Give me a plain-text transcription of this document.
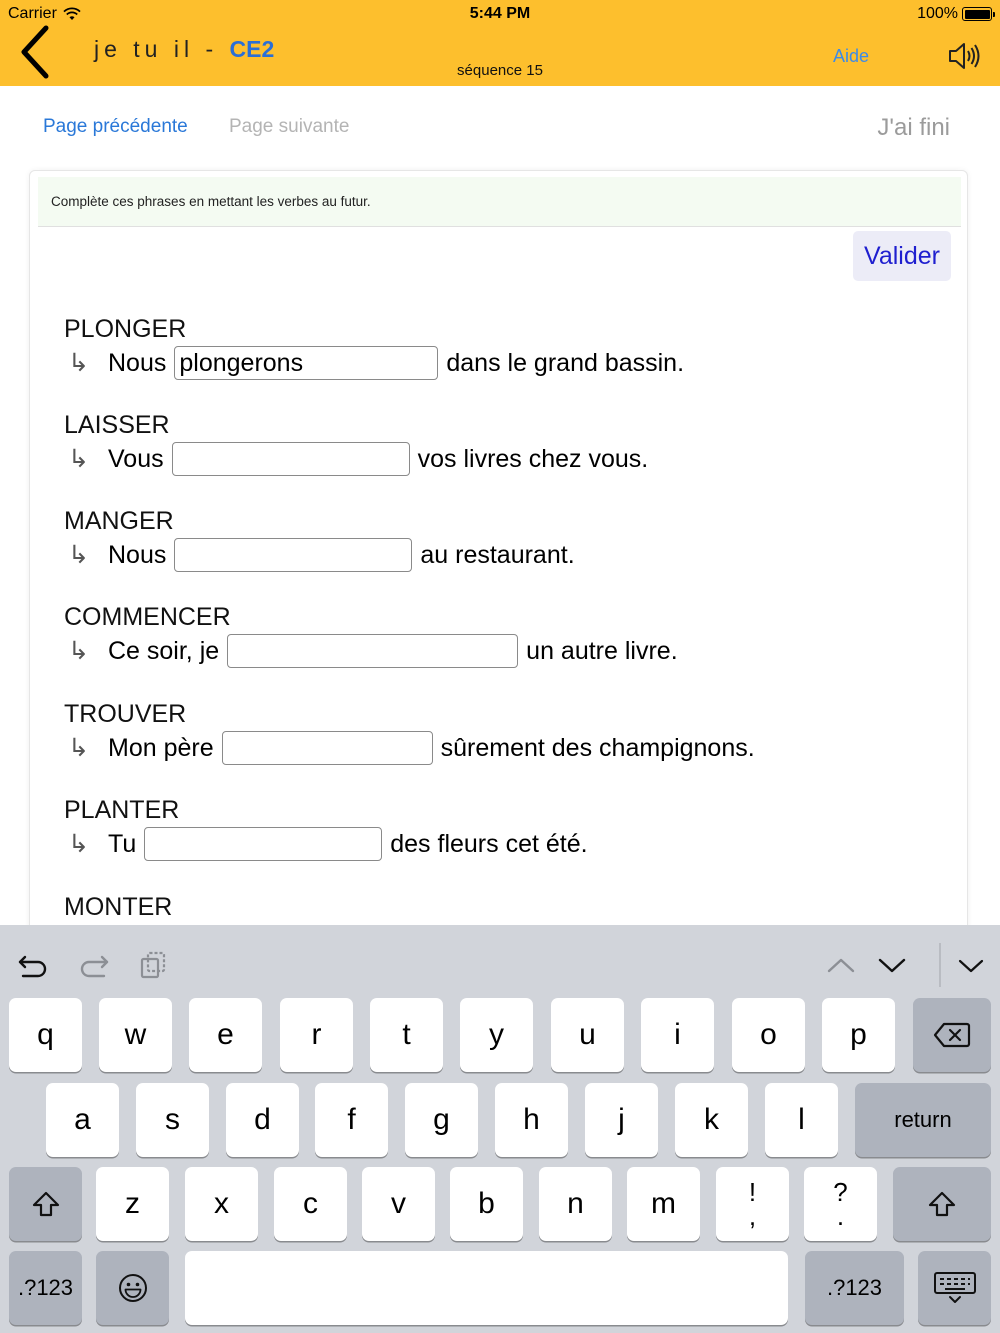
Carrier	5:44 PM	100%
je tu il - CE2
séquence 15
Aide
Page précédente Page suivante	J'ai fini
Complète ces phrases en mettant les verbes au futur.
Valider
PLONGER
↳ Nous
plongerons	dans le grand bassin.
LAISSER
↳ Vous	vos livres chez vous.
MANGER
↳ Nous	au restaurant.
COMMENCER
↳ Ce soir, je	un autre livre.
TROUVER
↳ Mon père	sûrement des champignons.
PLANTER
↳ Tu	des fleurs cet été.
MONTER
q	w	e	r	t	y	u	i	o	p
a	s	d	f	g	h	j	k	l	return
z	x	c	v	b	n	m	!
,
?
.
.?123	.?123
